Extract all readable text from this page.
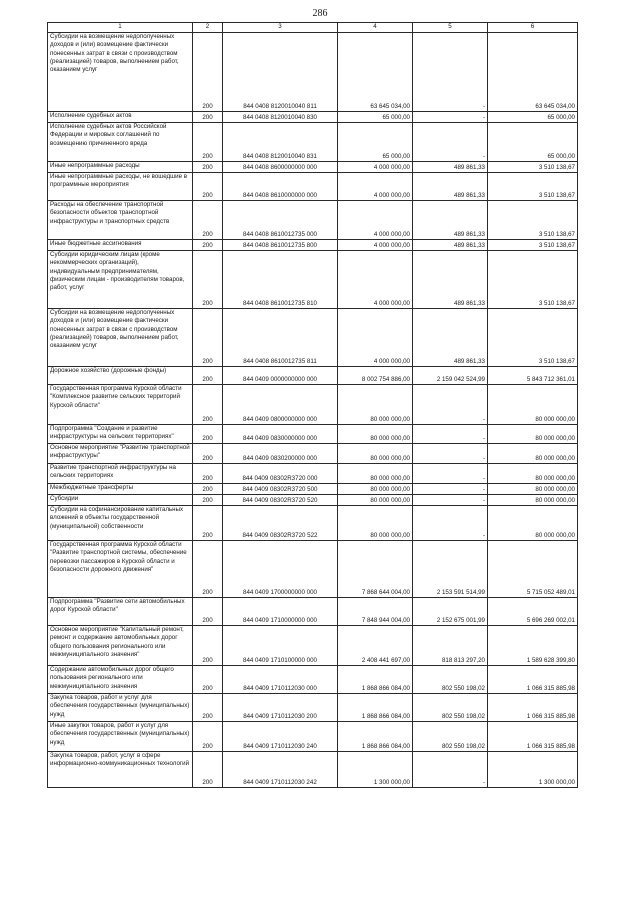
286
1	2	3	4	5	6
Субсидии на возмещение недополученных доходов и (или) возмещение фактически понесенных затрат в связи с производством (реализацией) товаров, выполнением работ, оказанием услуг	200	844 0408 8120010040 811	63 645 034,00	-	63 645 034,00
Исполнение судебных актов	200	844 0408 8120010040 830	65 000,00	-	65 000,00
Исполнение судебных актов Российской Федерации и мировых соглашений по возмещению причиненного вреда	200	844 0408 8120010040 831	65 000,00	-	65 000,00
Иные непрограммные расходы	200	844 0408 8600000000 000	4 000 000,00	489 861,33	3 510 138,67
Иные непрограммные расходы, не вошедшие в программные мероприятия	200	844 0408 8610000000 000	4 000 000,00	489 861,33	3 510 138,67
Расходы на обеспечение транспортной безопасности объектов транспортной инфраструктуры и транспортных средств	200	844 0408 8610012735 000	4 000 000,00	489 861,33	3 510 138,67
Иные бюджетные ассигнования	200	844 0408 8610012735 800	4 000 000,00	489 861,33	3 510 138,67
Субсидии юридическим лицам (кроме некоммерческих организаций), индивидуальным предпринимателям, физическим лицам - производителям товаров, работ, услуг	200	844 0408 8610012735 810	4 000 000,00	489 861,33	3 510 138,67
Субсидии на возмещение недополученных доходов и (или) возмещение фактически понесенных затрат в связи с производством (реализацией) товаров, выполнением работ, оказанием услуг	200	844 0408 8610012735 811	4 000 000,00	489 861,33	3 510 138,67
Дорожное хозяйство (дорожные фонды)	200	844 0409 0000000000 000	8 002 754 886,00	2 159 042 524,99	5 843 712 361,01
Государственная программа Курской области "Комплексное развитие сельских территорий Курской области"	200	844 0409 0800000000 000	80 000 000,00	-	80 000 000,00
Подпрограмма "Создание и развитие инфраструктуры на сельских территориях"	200	844 0409 0830000000 000	80 000 000,00	-	80 000 000,00
Основное мероприятие "Развитие транспортной инфраструктуры"	200	844 0409 0830200000 000	80 000 000,00	-	80 000 000,00
Развитие транспортной инфраструктуры на сельских территориях	200	844 0409 08302R3720 000	80 000 000,00	-	80 000 000,00
Межбюджетные трансферты	200	844 0409 08302R3720 500	80 000 000,00	-	80 000 000,00
Субсидии	200	844 0409 08302R3720 520	80 000 000,00	-	80 000 000,00
Субсидии на софинансирование капитальных вложений в объекты государственной (муниципальной) собственности	200	844 0409 08302R3720 522	80 000 000,00	-	80 000 000,00
Государственная программа Курской области "Развитие транспортной системы, обеспечение перевозки пассажиров в Курской области и безопасности дорожного движения"	200	844 0409 1700000000 000	7 868 644 004,00	2 153 591 514,99	5 715 052 489,01
Подпрограмма "Развитие сети автомобильных дорог Курской области"	200	844 0409 1710000000 000	7 848 944 004,00	2 152 675 001,99	5 696 269 002,01
Основное мероприятие "Капитальный ремонт, ремонт и содержание автомобильных дорог общего пользования регионального или межмуниципального значения"	200	844 0409 1710100000 000	2 408 441 697,00	818 813 297,20	1 589 628 399,80
Содержание автомобильных дорог общего пользования регионального или межмуниципального значения	200	844 0409 1710112030 000	1 868 866 084,00	802 550 198,02	1 066 315 885,98
Закупка товаров, работ и услуг для обеспечения государственных (муниципальных) нужд	200	844 0409 1710112030 200	1 868 866 084,00	802 550 198,02	1 066 315 885,98
Иные закупки товаров, работ и услуг для обеспечения государственных (муниципальных) нужд	200	844 0409 1710112030 240	1 868 866 084,00	802 550 198,02	1 066 315 885,98
Закупка товаров, работ, услуг в сфере информационно-коммуникационных технологий	200	844 0409 1710112030 242	1 300 000,00	-	1 300 000,00
